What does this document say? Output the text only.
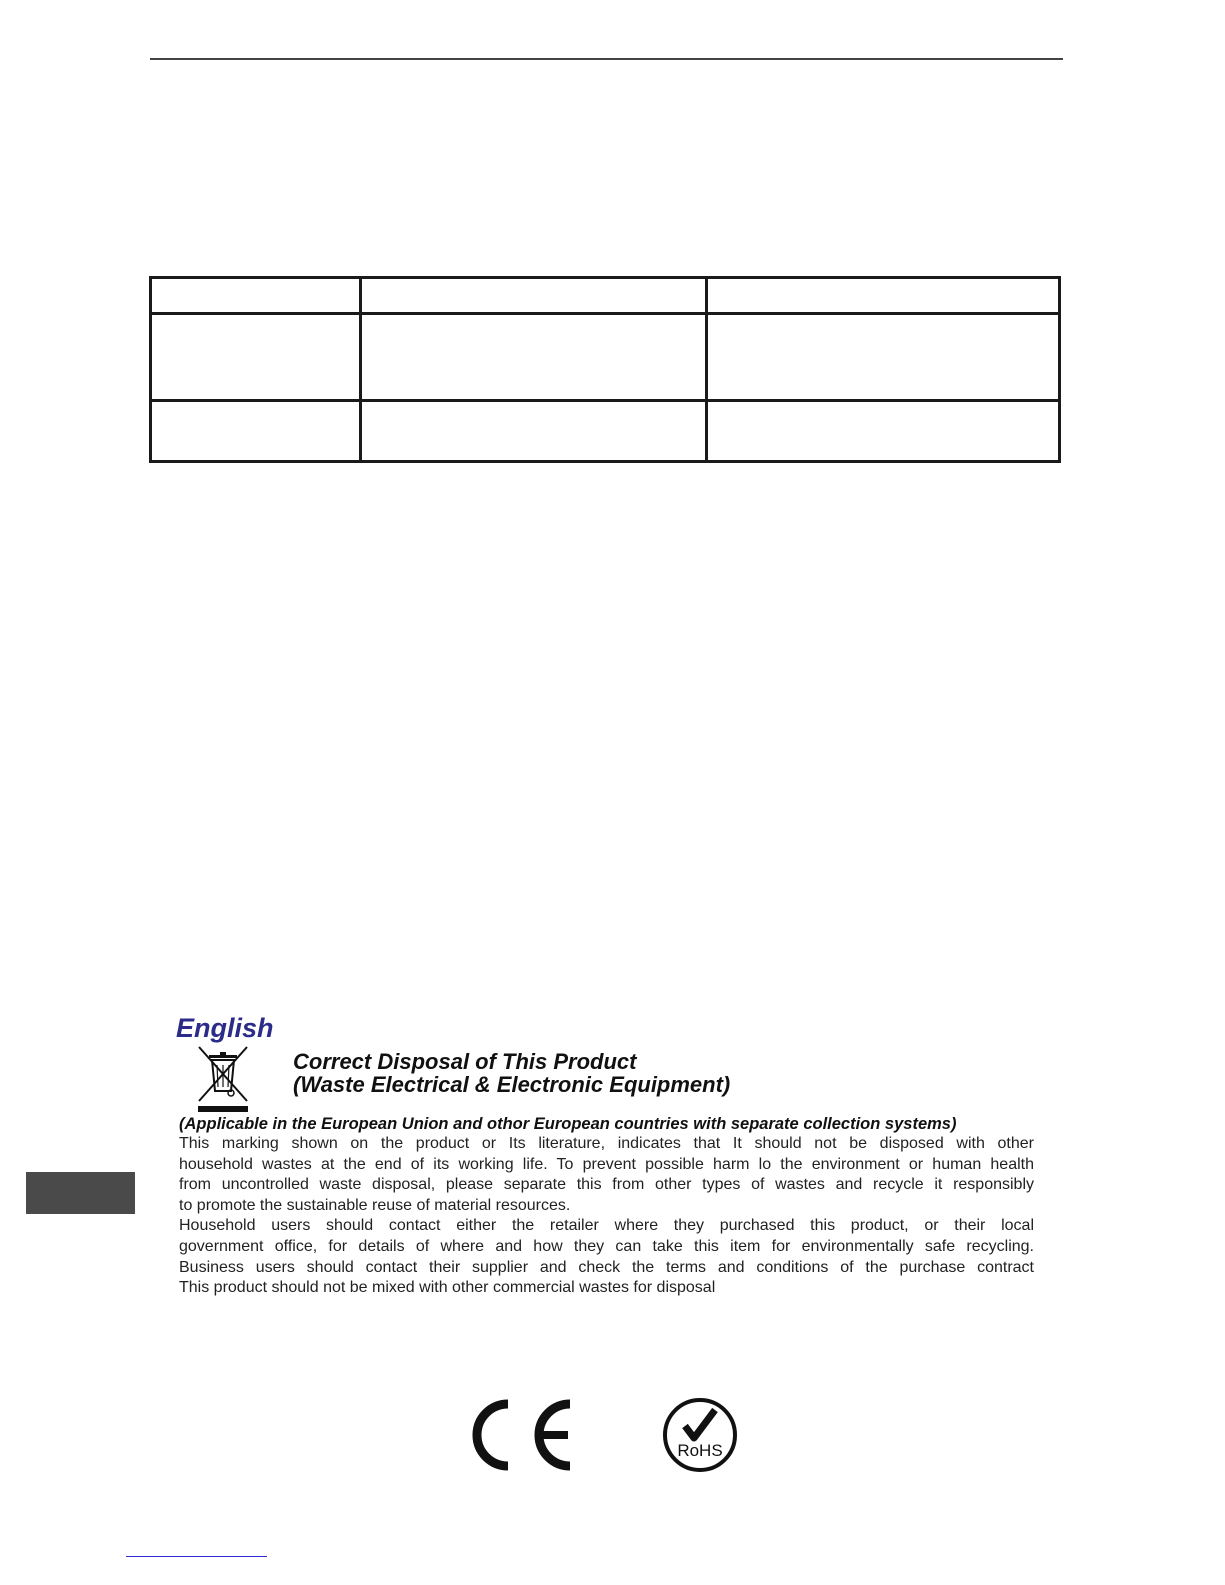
English
Correct Disposal of This Product
(Waste Electrical & Electronic Equipment)

(Applicable in the European Union and othor European countries with separate collection systems)

This marking shown on the product or Its literature, indicates that It should not be disposed with other
household wastes at the end of its working life. To prevent possible harm lo the environment or human health
from uncontrolled waste disposal, please separate this from other types of wastes and recycle it responsibly
to promote the sustainable reuse of material resources.
Household users should contact either the retailer where they purchased this product, or their local
government office, for details of where and how they can take this item for environmentally safe recycling.
Business users should contact their supplier and check the terms and conditions of the purchase contract
This product should not be mixed with other commercial wastes for disposal
RoHS
